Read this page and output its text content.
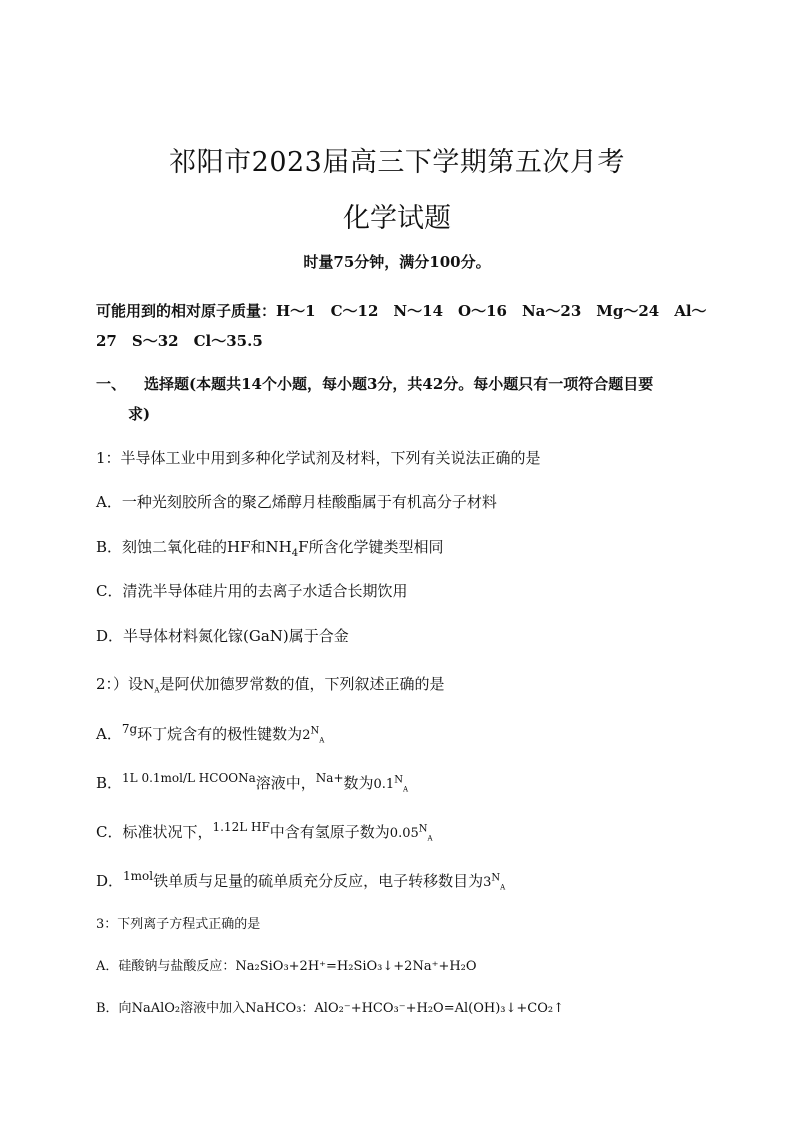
祁阳市2023届高三下学期第五次月考
化学试题
时量75分钟，满分100分。
可能用到的相对原子质量：H～1　C～12　N～14　O～16　Na～23　Mg～24　Al～
27　S～32　Cl～35.5
一、 选择题(本题共14个小题，每小题3分，共42分。每小题只有一项符合题目要
求)
1：半导体工业中用到多种化学试剂及材料，下列有关说法正确的是
A．一种光刻胶所含的聚乙烯醇月桂酸酯属于有机高分子材料
B．刻蚀二氧化硅的HF和$NH_4F$所含化学键类型相同
C．清洗半导体硅片用的去离子水适合长期饮用
D．半导体材料氮化镓(GaN)属于合金
2：）设$N_A$是阿伏加德罗常数的值，下列叙述正确的是
A．$^{7g}$环丁烷含有的极性键数为$2^N_A$
B．$^{1L 0.1mol/L HCOONa}$溶液中，$^{Na+}$数为$0.1^N_A$
C．标准状况下，$^{1.12L HF}$中含有氢原子数为$0.05^N_A$
D．$^{1mol}$铁单质与足量的硫单质充分反应，电子转移数目为$3^N_A$
3：下列离子方程式正确的是
A．硅酸钠与盐酸反应：Na₂SiO₃+2H⁺=H₂SiO₃↓+2Na⁺+H₂O
B．向NaAlO₂溶液中加入NaHCO₃：AlO₂⁻+HCO₃⁻+H₂O=Al(OH)₃↓+CO₂↑
